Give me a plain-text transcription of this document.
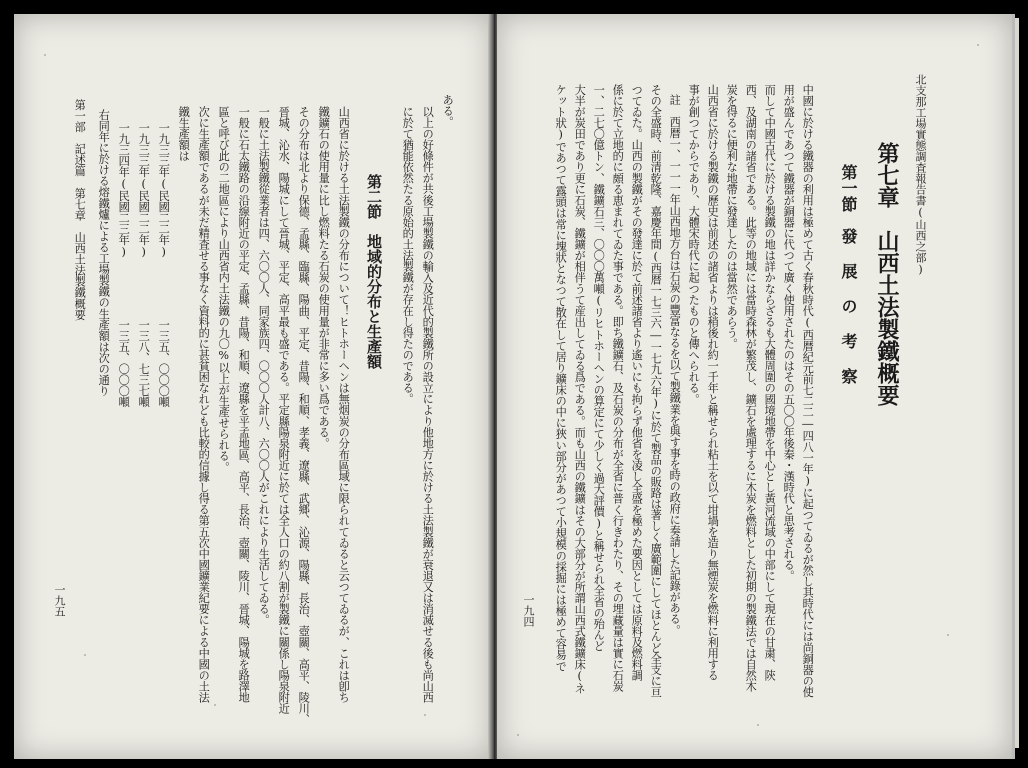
一九五
第一部　記述篇　第七章　山西土法製鐵概要 右同年に於ける熔鐵爐による工場製鐵の生產額は次の通り 一九三四年(民國二三年)
一三五、〇〇〇噸
一九三三年(民國二二年)
一三八、七三七噸
一九三三年(民國二二年)
一三五、〇〇〇噸
鐵生產額は 次に生產額であるが未だ精査せる事なく資料的に甚貧困なれども比較的信據し得る第五次中國鑛業紀要による中國の土法 區と呼び此の二地區により山西省内土法鐵の九〇%以上が生產せられる。 一般に石太鐵路の沿線附近の平定、孟縣、昔陽、和順、遼縣を平孟地區、高平、長治、壺關、陵川、晉城、陽城を路澤地 一般に土法製鐵從業者は四、六〇〇人、同家族四、〇〇〇人計八、六〇〇人がこれにより生活してゐる。 晉城、沁水、陽城にして晉城、平定、高平最も盛である。平定縣陽泉附近に於ては全人口の約八割が製鐵に關係し陽泉附近 その分布は北より保德、孟縣、臨縣、陽曲、平定、昔陽、和順、孝義、遼縣、武鄉、沁源、陽縣、長治、壺關、高平、陵川、 鐵鑛石の使用量に比し燃料たる石炭の使用量が非常に多い爲である。 山西省に於ける土法製鐵の分布について！ヒトホーヘンは無烟炭の分布區域に限られてゐると云つてゐるが、これは卽ち 第二節　地域的分布と生產額 に於て猶能依然たる原始的土法製鐵が存在し得たのである。 以上の好條件が共後工場製鐵の輸入及近代的製鐵所の設立により他地方に於ける土法製鐵が衰退又は消滅せる後も尚山西 ある。
一九四 ケット狀)であつて露頭は常に塊狀となつて散在して居り鑛床の中に狹い部分があつて小規模の採掘には極めて容易で 大半が炭田であり更に石炭、鐵鑛が相伴うて産出してゐる爲である。而も山西の鐵鑛はその大部分が所謂山西式鐵鑛床(ネ 一、二七〇億トン、鐵鑛石三、〇〇〇萬噸(リヒトホーヘンの算定にて少しく過大評價)と稱せられ全省の殆んど 係に於て立地的に頗る恵まれてゐた事である。即ち鐵鑛石、及石炭の分布が全省に普く行きわたり、その埋藏量は實に石炭 つてゐた。山西の製鐵がその發達に於て前述諸省より遙いにも拘らず他省を凌し全盛を極めた要因としては原料及燃料調 その全盛時、前清乾隆、嘉慶年間(西暦一七三六―一七九六年)に於て製品の販路は著しく廣範圍にしてほとんど全支に亘 註　西暦一、一一一年山西地方台は石炭の豐富なるを以て製鐵業を與す事を時の政府に奏請した記錄がある。 事が創つてからであり、大體宋時代に起つたものと傳へられる。 山西省に於ける製鐵の歷史は前述の諸省よりは稍後れ約一千年と稱せられ粘土を以て坩堝を造り無煙炭を燃料に利用する 炭を得るに便利な地帶に發達したのは當然であらう。 西、及湖南の諸省である。此等の地域には當時森林が繁茂し、鑛石を處理するに木炭を燃料とした初期の製鐵法では自然木 而して中國古代に於ける製鐵の地は詳かならざるも大體周圍の國境地帶を中心とし黃河流域の中部にして現在の甘粛、陝 用が盛んであつて鐵器が銅器に代つて廣く使用されたのはその五〇〇年後秦・漢時代と思考される。 中國に於ける鐵器の利用は極めて古く春秋時代(西暦紀元前七二二―四八一年)に起つてゐるが然し其時代には尚銅器の使 第一節　發 展 の 考 察 第七章　山西土法製鐵概要 北支那工場實態調査報告書(山西之部)
